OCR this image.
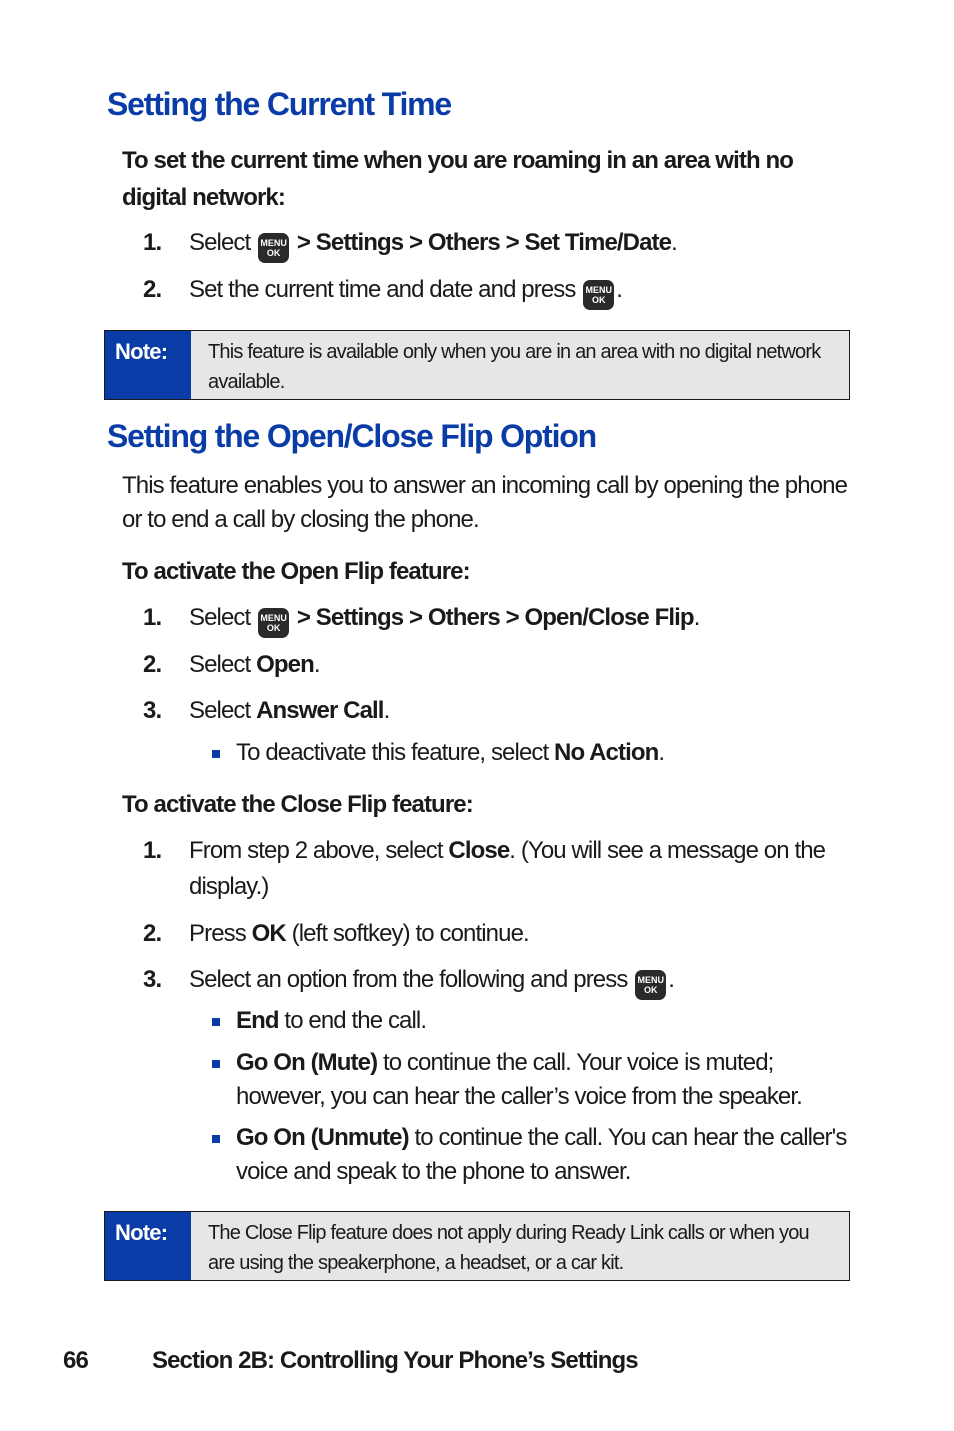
Setting the Current Time

To set the current time when you are roaming in an area with no digital network:

1. Select MENU
OK > Settings > Others > Set Time/Date.
2. Set the current time and date and press MENU
OK .
Note: This feature is available only when you are in an area with no digital network available.
Setting the Open/Close Flip Option

This feature enables you to answer an incoming call by opening the phone or to end a call by closing the phone.

To activate the Open Flip feature:

1. Select MENU
OK > Settings > Others > Open/Close Flip.
2. Select Open.
3. Select Answer Call.
To deactivate this feature, select No Action.

To activate the Close Flip feature:

1. From step 2 above, select Close. (You will see a message on the display.)
2. Press OK (left softkey) to continue.
3. Select an option from the following and press MENU
OK .
End to end the call.
Go On (Mute) to continue the call. Your voice is muted; however, you can hear the caller’s voice from the speaker.
Go On (Unmute) to continue the call. You can hear the caller's voice and speak to the phone to answer.
Note: The Close Flip feature does not apply during Ready Link calls or when you are using the speakerphone, a headset, or a car kit.
66	Section 2B: Controlling Your Phone’s Settings
